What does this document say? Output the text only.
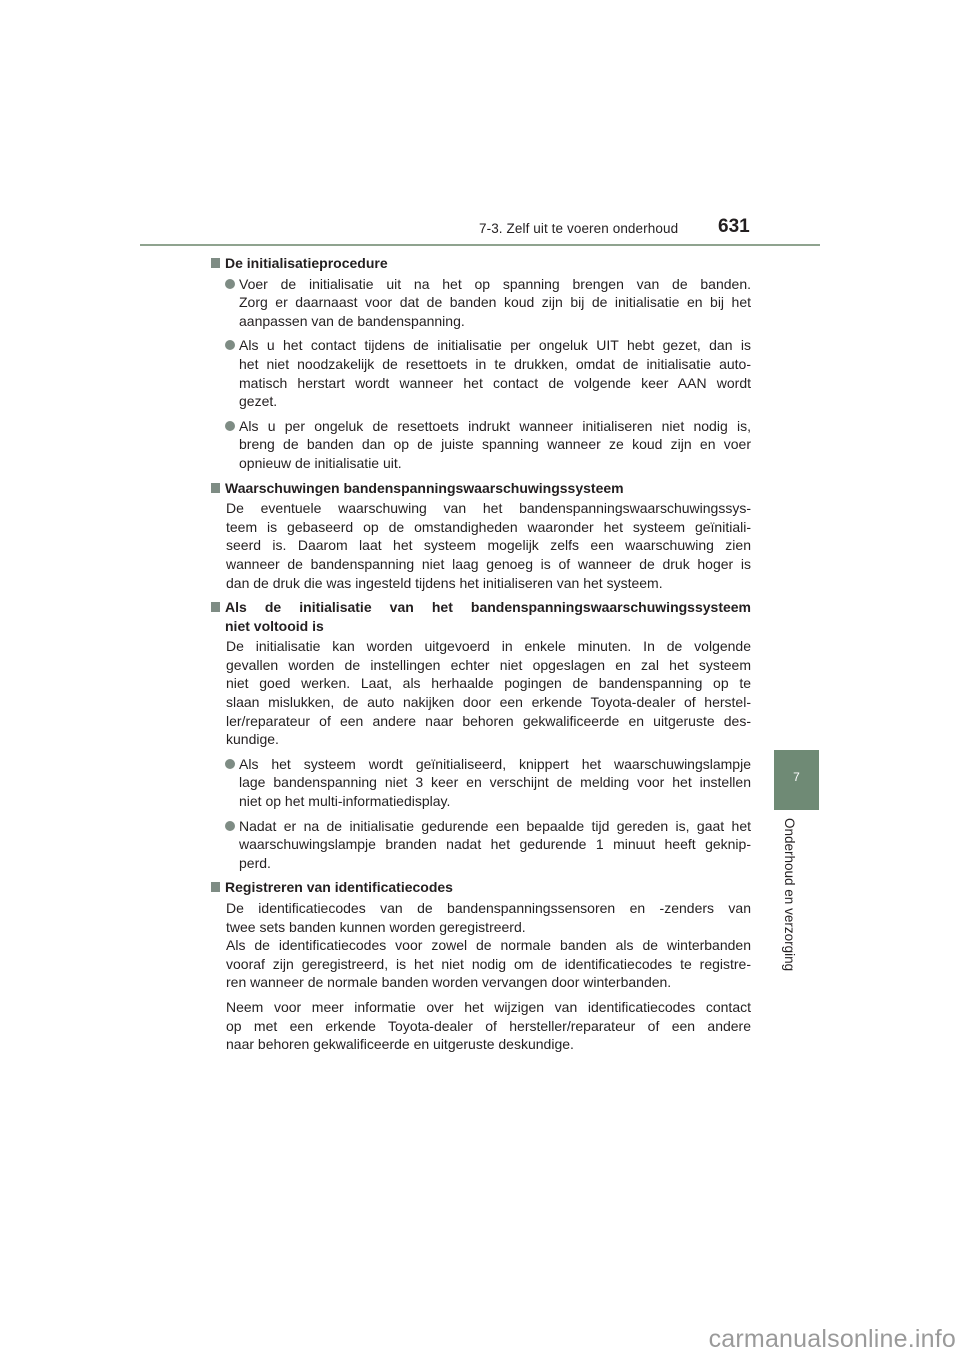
7-3. Zelf uit te voeren onderhoud 631
7
Onderhoud en verzorging
De initialisatieprocedure
Voer de initialisatie uit na het op spanning brengen van de banden.
Zorg er daarnaast voor dat de banden koud zijn bij de initialisatie en bij het
aanpassen van de bandenspanning.
Als u het contact tijdens de initialisatie per ongeluk UIT hebt gezet, dan is
het niet noodzakelijk de resettoets in te drukken, omdat de initialisatie auto-
matisch herstart wordt wanneer het contact de volgende keer AAN wordt
gezet.
Als u per ongeluk de resettoets indrukt wanneer initialiseren niet nodig is,
breng de banden dan op de juiste spanning wanneer ze koud zijn en voer
opnieuw de initialisatie uit.
Waarschuwingen bandenspanningswaarschuwingssysteem
De eventuele waarschuwing van het bandenspanningswaarschuwingssys-
teem is gebaseerd op de omstandigheden waaronder het systeem geïnitiali-
seerd is. Daarom laat het systeem mogelijk zelfs een waarschuwing zien
wanneer de bandenspanning niet laag genoeg is of wanneer de druk hoger is
dan de druk die was ingesteld tijdens het initialiseren van het systeem.
Als de initialisatie van het bandenspanningswaarschuwingssysteem
niet voltooid is
De initialisatie kan worden uitgevoerd in enkele minuten. In de volgende
gevallen worden de instellingen echter niet opgeslagen en zal het systeem
niet goed werken. Laat, als herhaalde pogingen de bandenspanning op te
slaan mislukken, de auto nakijken door een erkende Toyota-dealer of herstel-
ler/reparateur of een andere naar behoren gekwalificeerde en uitgeruste des-
kundige.
Als het systeem wordt geïnitialiseerd, knippert het waarschuwingslampje
lage bandenspanning niet 3 keer en verschijnt de melding voor het instellen
niet op het multi-informatiedisplay.
Nadat er na de initialisatie gedurende een bepaalde tijd gereden is, gaat het
waarschuwingslampje branden nadat het gedurende 1 minuut heeft geknip-
perd.
Registreren van identificatiecodes
De identificatiecodes van de bandenspanningssensoren en -zenders van
twee sets banden kunnen worden geregistreerd.
Als de identificatiecodes voor zowel de normale banden als de winterbanden
vooraf zijn geregistreerd, is het niet nodig om de identificatiecodes te registre-
ren wanneer de normale banden worden vervangen door winterbanden.
Neem voor meer informatie over het wijzigen van identificatiecodes contact
op met een erkende Toyota-dealer of hersteller/reparateur of een andere
naar behoren gekwalificeerde en uitgeruste deskundige.
carmanualsonline.info
